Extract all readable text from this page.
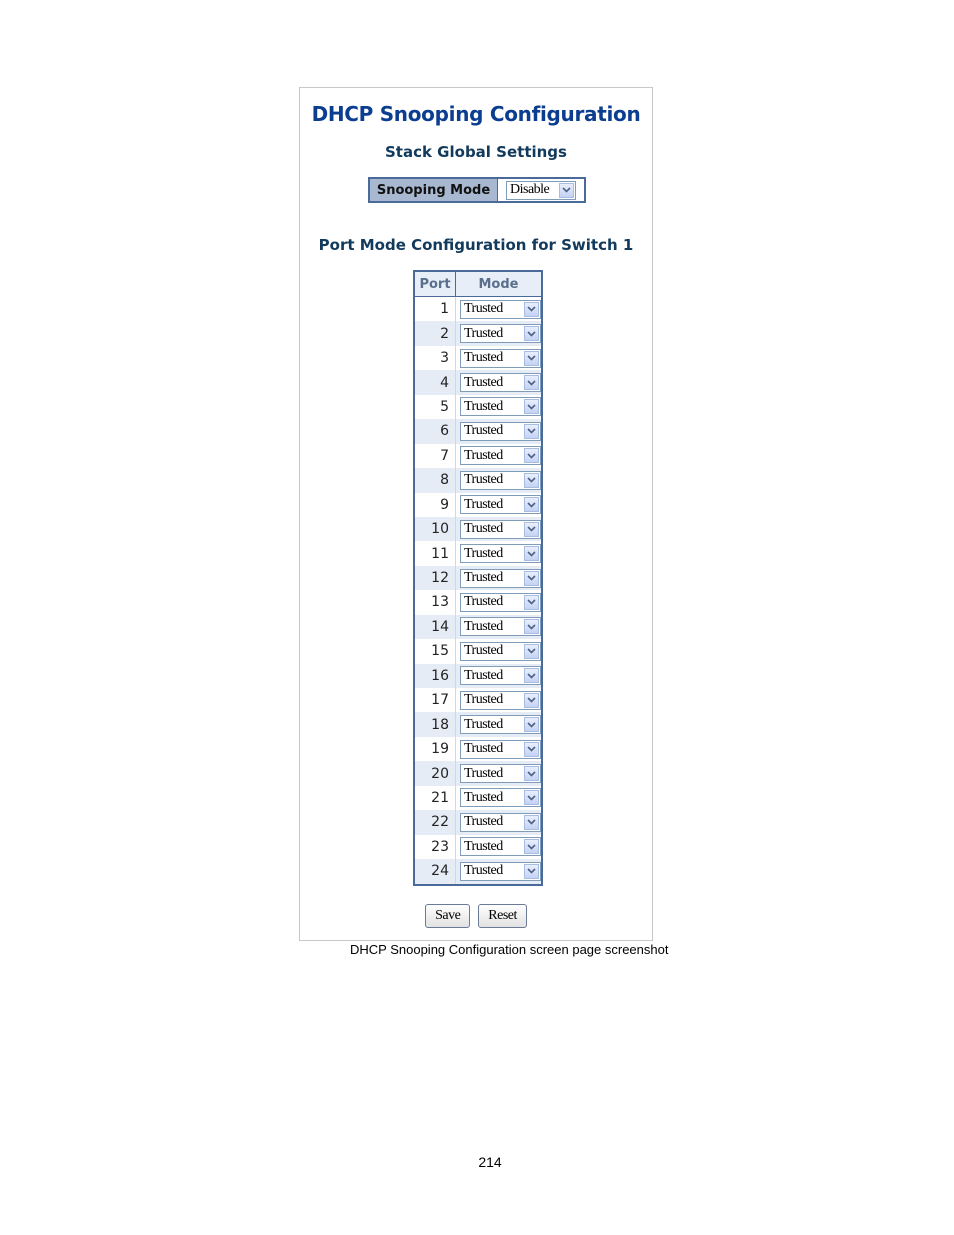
DHCP Snooping Configuration
Stack Global Settings
Snooping Mode	Disable
Port Mode Configuration for Switch 1
Port	Mode
1	Trusted

2	Trusted

3	Trusted

4	Trusted

5	Trusted

6	Trusted

7	Trusted

8	Trusted

9	Trusted

10	Trusted

11	Trusted

12	Trusted

13	Trusted

14	Trusted

15	Trusted

16	Trusted

17	Trusted

18	Trusted

19	Trusted

20	Trusted

21	Trusted

22	Trusted

23	Trusted

24	Trusted
Save	Reset
DHCP Snooping Configuration screen page screenshot
214
